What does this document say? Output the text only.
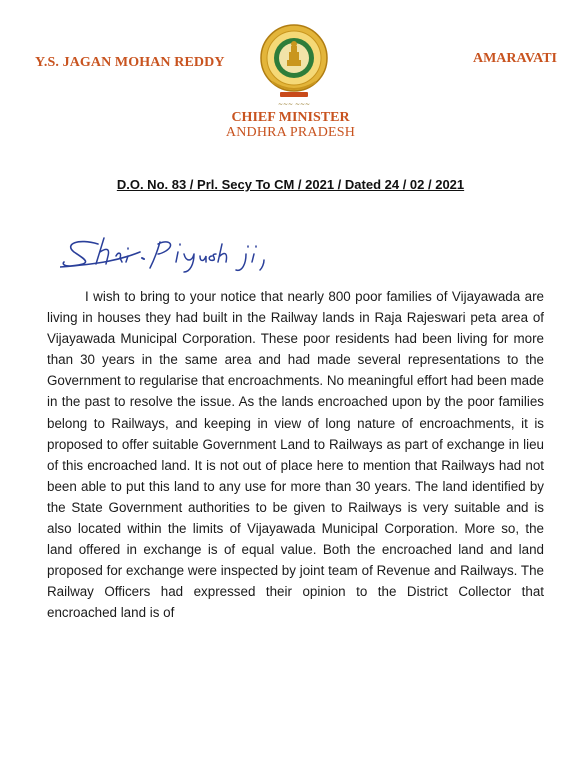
Y.S. JAGAN MOHAN REDDY	AMARAVATI
~~~ ~~~
CHIEF MINISTER
ANDHRA PRADESH
D.O. No. 83 / Prl. Secy To CM / 2021 / Dated 24 / 02 / 2021

I wish to bring to your notice that nearly 800 poor families of Vijayawada are living in houses they had built in the Railway lands in Raja Rajeswari peta area of Vijayawada Municipal Corporation. These poor residents had been living for more than 30 years in the same area and had made several representations to the Government to regularise that encroachments. No meaningful effort had been made in the past to resolve the issue. As the lands encroached upon by the poor families belong to Railways, and keeping in view of long nature of encroachments, it is proposed to offer suitable Government Land to Railways as part of exchange in lieu of this encroached land. It is not out of place here to mention that Railways had not been able to put this land to any use for more than 30 years. The land identified by the State Government authorities to be given to Railways is very suitable and is also located within the limits of Vijayawada Municipal Corporation. More so, the land offered in exchange is of equal value. Both the encroached land and land proposed for exchange were inspected by joint team of Revenue and Railways. The Railway Officers had expressed their opinion to the District Collector that encroached land is of
